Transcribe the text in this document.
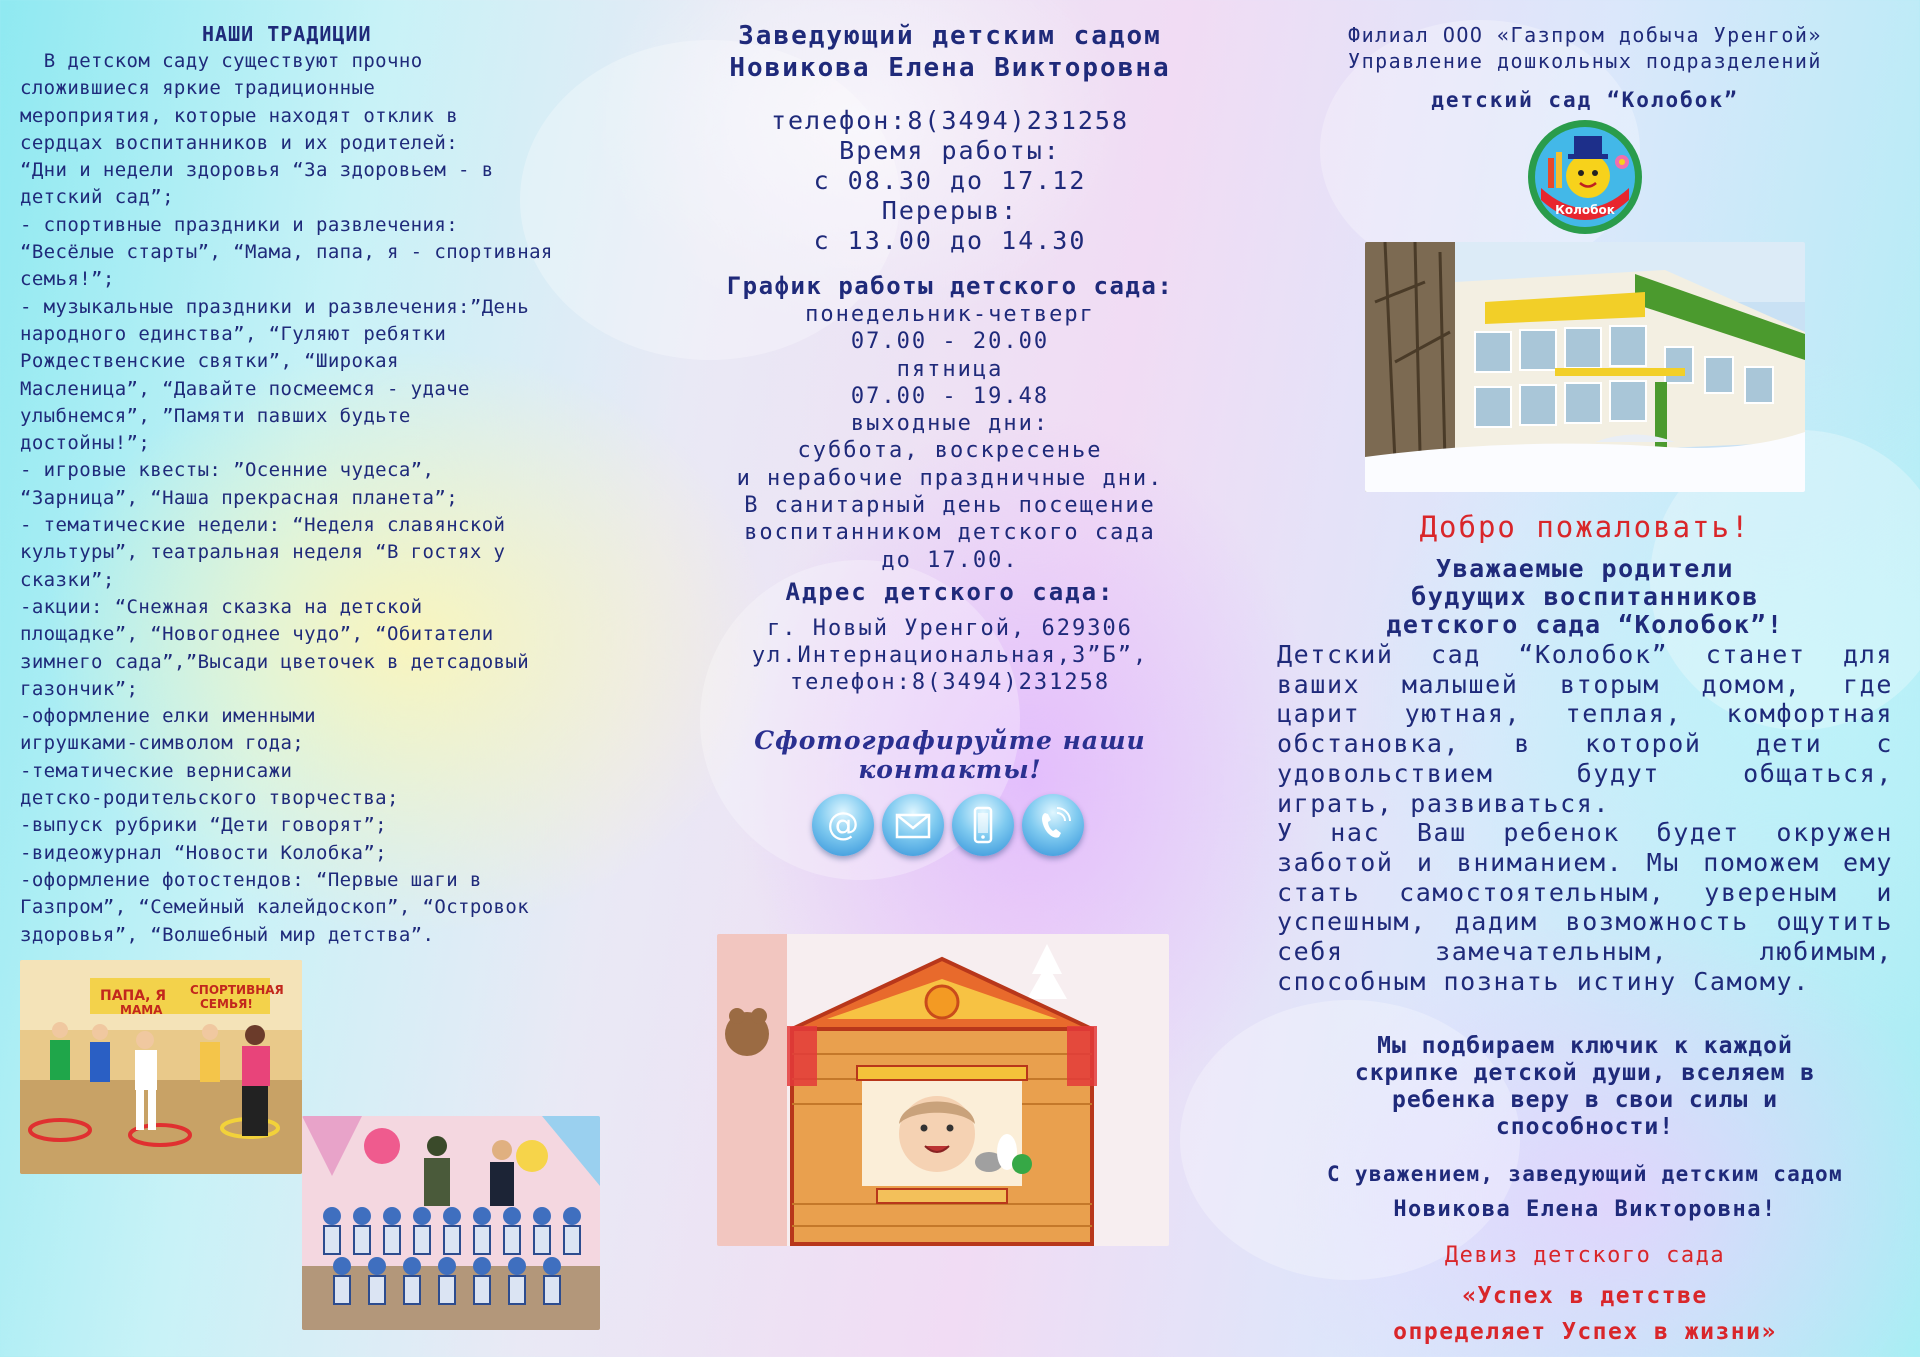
НАШИ ТРАДИЦИИ
В детском саду существуют прочно
сложившиеся яркие традиционные
мероприятия, которые находят отклик в
сердцах воспитанников и их родителей:
“Дни и недели здоровья “За здоровьем - в
детский сад”;
- спортивные праздники и развлечения:
“Весёлые старты”, “Мама, папа, я - спортивная
семья!”;
- музыкальные праздники и развлечения:”День
народного единства”, “Гуляют ребятки
Рождественские святки”, “Широкая
Масленица”, “Давайте посмеемся - удаче
улыбнемся”, ”Памяти павших будьте
достойны!”;
- игровые квесты: ”Осенние чудеса”,
“Зарница”, “Наша прекрасная планета”;
- тематические недели: “Неделя славянской
культуры”, театральная неделя “В гостях у
сказки”;
-акции: “Снежная сказка на детской
площадке”, “Новогоднее чудо”, “Обитатели
зимнего сада”,”Высади цветочек в детсадовый
газончик”;
-оформление елки именными
игрушками-символом года;
-тематические вернисажи
детско-родительского творчества;
-выпуск рубрики “Дети говорят”;
-видеожурнал “Новости Колобка”;
-оформление фотостендов: “Первые шаги в
Газпром”, “Семейный калейдоскоп”, “Островок
здоровья”, “Волшебный мир детства”.
ПАПА, Я
МАМА
СПОРТИВНАЯ
СЕМЬЯ!
Заведующий детским садом
Новикова Елена Викторовна
телефон:8(3494)231258
Время работы:
с 08.30 до 17.12
Перерыв:
с 13.00 до 14.30
График работы детского сада:
понедельник-четверг
07.00 - 20.00
пятница
07.00 - 19.48
выходные дни:
суббота, воскресенье
и нерабочие праздничные дни.
В санитарный день посещение
воспитанником детского сада
до 17.00.
Адрес детского сада:
г. Новый Уренгой, 629306
ул.Интернациональная,3”Б”,
телефон:8(3494)231258
Сфотографируйте наши контакты!
@
Филиал ООО «Газпром добыча Уренгой»
Управление дошкольных подразделений
детский сад “Колобок”
Колобок
Добро пожаловать!
Уважаемые родители
будущих воспитанников
детского сада “Колобок”!
Детский сад “Колобок” станет для ваших малышей вторым домом, где царит уютная, теплая, комфортная обстановка, в которой дети с удовольствием будут общаться, играть, развиваться.
У нас Ваш ребенок будет окружен заботой и вниманием. Мы поможем ему стать самостоятельным, увереным и успешным, дадим возможность ощутить себя замечательным, любимым, способным познать истину Самому.
Мы подбираем ключик к каждой
скрипке детской души, вселяем в
ребенка веру в свои силы и
способности!
С уважением, заведующий детским садом
Новикова Елена Викторовна!
Девиз детского сада
«Успех в детстве
определяет Успех в жизни»
